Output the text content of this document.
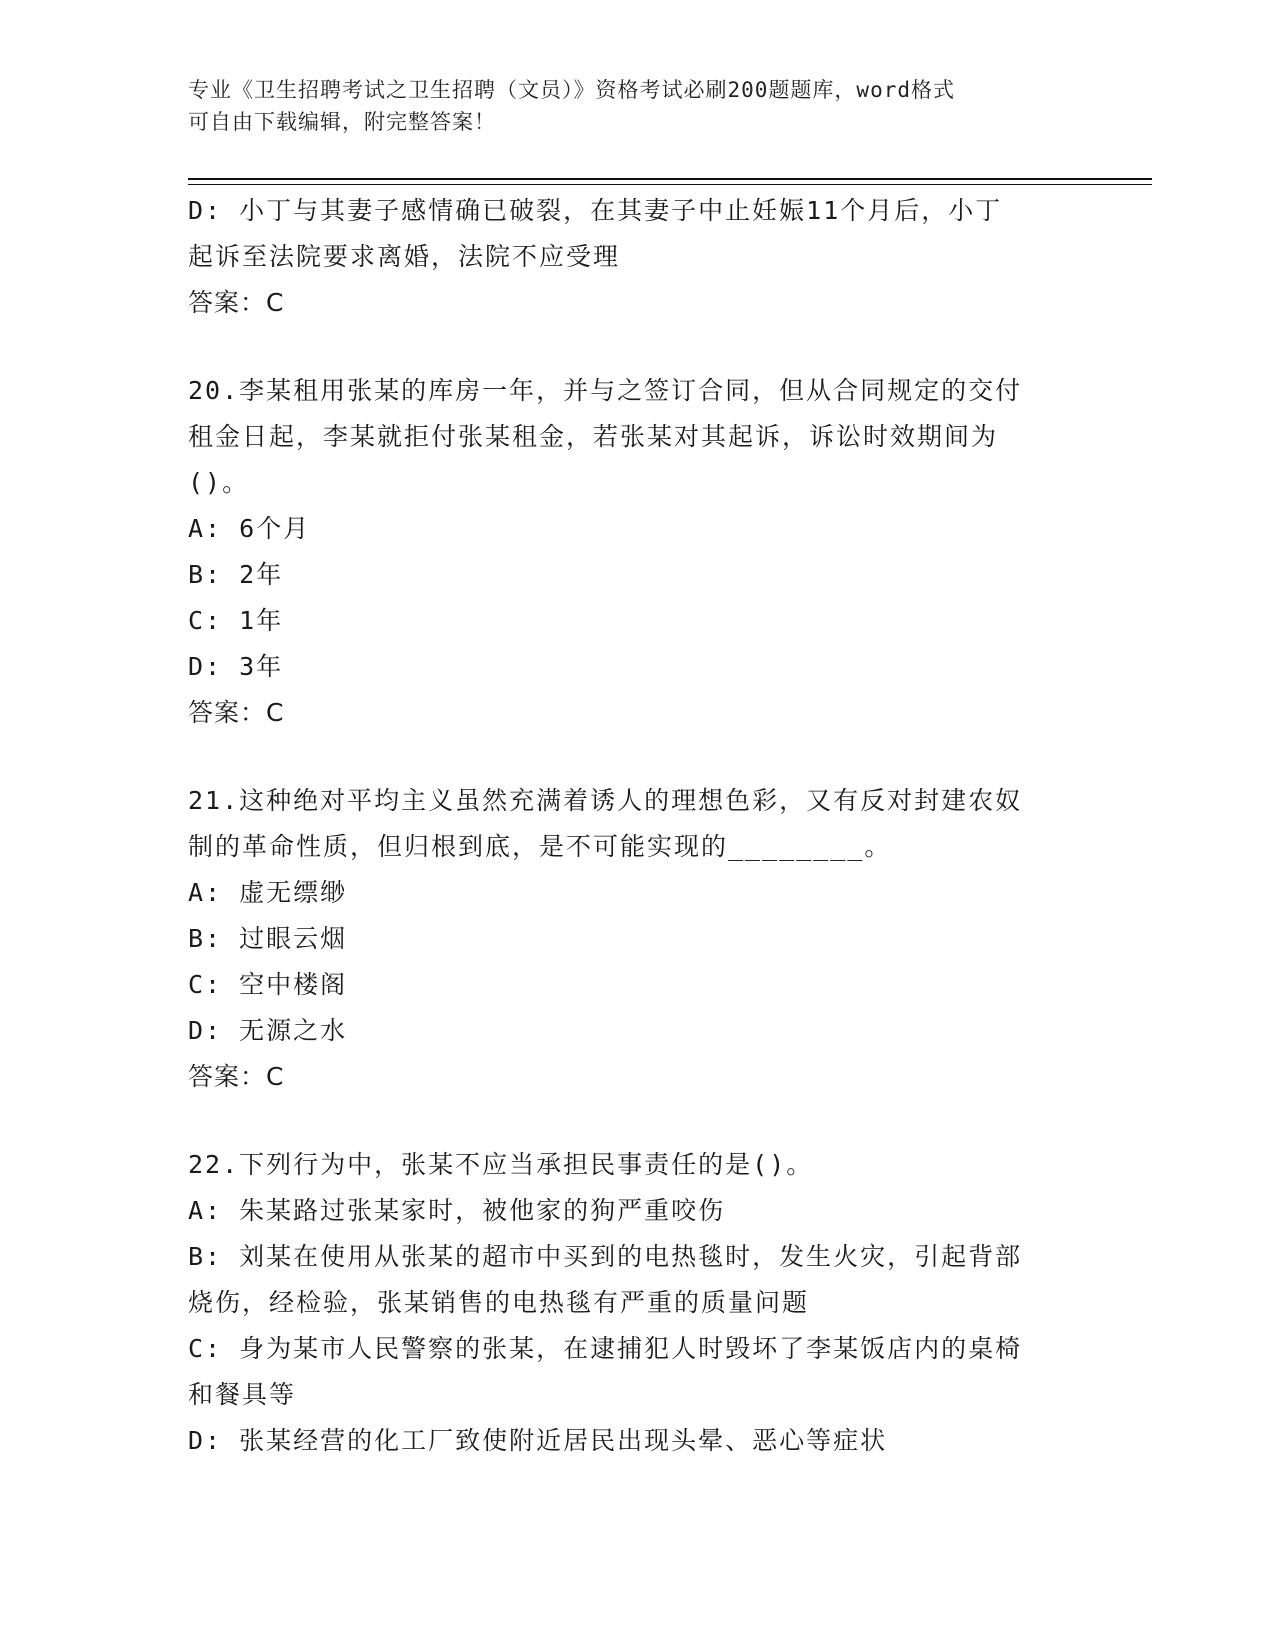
专业《卫生招聘考试之卫生招聘（文员）》资格考试必刷200题题库，word格式
可自由下载编辑，附完整答案！
D: 小丁与其妻子感情确已破裂，在其妻子中止妊娠11个月后，小丁
起诉至法院要求离婚，法院不应受理
答案：C
20.李某租用张某的库房一年，并与之签订合同，但从合同规定的交付
租金日起，李某就拒付张某租金，若张某对其起诉，诉讼时效期间为
()。
A: 6个月
B: 2年
C: 1年
D: 3年
答案：C
21.这种绝对平均主义虽然充满着诱人的理想色彩，又有反对封建农奴
制的革命性质，但归根到底，是不可能实现的________。
A: 虚无缥缈
B: 过眼云烟
C: 空中楼阁
D: 无源之水
答案：C
22.下列行为中，张某不应当承担民事责任的是()。
A: 朱某路过张某家时，被他家的狗严重咬伤
B: 刘某在使用从张某的超市中买到的电热毯时，发生火灾，引起背部
烧伤，经检验，张某销售的电热毯有严重的质量问题
C: 身为某市人民警察的张某，在逮捕犯人时毁坏了李某饭店内的桌椅
和餐具等
D: 张某经营的化工厂致使附近居民出现头晕、恶心等症状
